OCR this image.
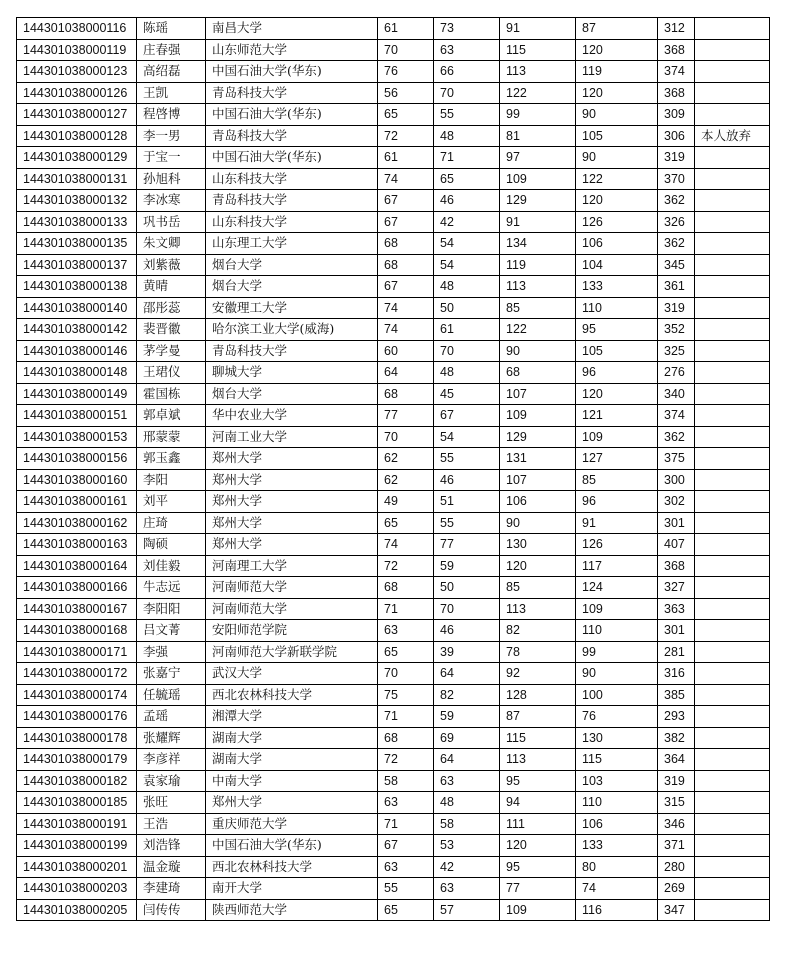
144301038000116	陈瑶	南昌大学	61	73	91	87	312	
144301038000119	庄春强	山东师范大学	70	63	115	120	368	
144301038000123	高绍磊	中国石油大学(华东)	76	66	113	119	374	
144301038000126	王凯	青岛科技大学	56	70	122	120	368	
144301038000127	程啓博	中国石油大学(华东)	65	55	99	90	309	
144301038000128	李一男	青岛科技大学	72	48	81	105	306	本人放弃
144301038000129	于宝一	中国石油大学(华东)	61	71	97	90	319	
144301038000131	孙旭科	山东科技大学	74	65	109	122	370	
144301038000132	李冰寒	青岛科技大学	67	46	129	120	362	
144301038000133	巩书岳	山东科技大学	67	42	91	126	326	
144301038000135	朱文卿	山东理工大学	68	54	134	106	362	
144301038000137	刘紫薇	烟台大学	68	54	119	104	345	
144301038000138	黄晴	烟台大学	67	48	113	133	361	
144301038000140	邵彤蕊	安徽理工大学	74	50	85	110	319	
144301038000142	裴晋徽	哈尔滨工业大学(威海)	74	61	122	95	352	
144301038000146	茅学曼	青岛科技大学	60	70	90	105	325	
144301038000148	王珺仪	聊城大学	64	48	68	96	276	
144301038000149	霍国栋	烟台大学	68	45	107	120	340	
144301038000151	郭卓斌	华中农业大学	77	67	109	121	374	
144301038000153	邢蒙蒙	河南工业大学	70	54	129	109	362	
144301038000156	郭玉鑫	郑州大学	62	55	131	127	375	
144301038000160	李阳	郑州大学	62	46	107	85	300	
144301038000161	刘平	郑州大学	49	51	106	96	302	
144301038000162	庄琦	郑州大学	65	55	90	91	301	
144301038000163	陶硕	郑州大学	74	77	130	126	407	
144301038000164	刘佳毅	河南理工大学	72	59	120	117	368	
144301038000166	牛志远	河南师范大学	68	50	85	124	327	
144301038000167	李阳阳	河南师范大学	71	70	113	109	363	
144301038000168	吕文菁	安阳师范学院	63	46	82	110	301	
144301038000171	李强	河南师范大学新联学院	65	39	78	99	281	
144301038000172	张嘉宁	武汉大学	70	64	92	90	316	
144301038000174	任毓瑶	西北农林科技大学	75	82	128	100	385	
144301038000176	孟瑶	湘潭大学	71	59	87	76	293	
144301038000178	张耀辉	湖南大学	68	69	115	130	382	
144301038000179	李彦祥	湖南大学	72	64	113	115	364	
144301038000182	袁家瑜	中南大学	58	63	95	103	319	
144301038000185	张旺	郑州大学	63	48	94	110	315	
144301038000191	王浩	重庆师范大学	71	58	111	106	346	
144301038000199	刘浩锋	中国石油大学(华东)	67	53	120	133	371	
144301038000201	温金璇	西北农林科技大学	63	42	95	80	280	
144301038000203	李建琦	南开大学	55	63	77	74	269	
144301038000205	闫传传	陕西师范大学	65	57	109	116	347	
